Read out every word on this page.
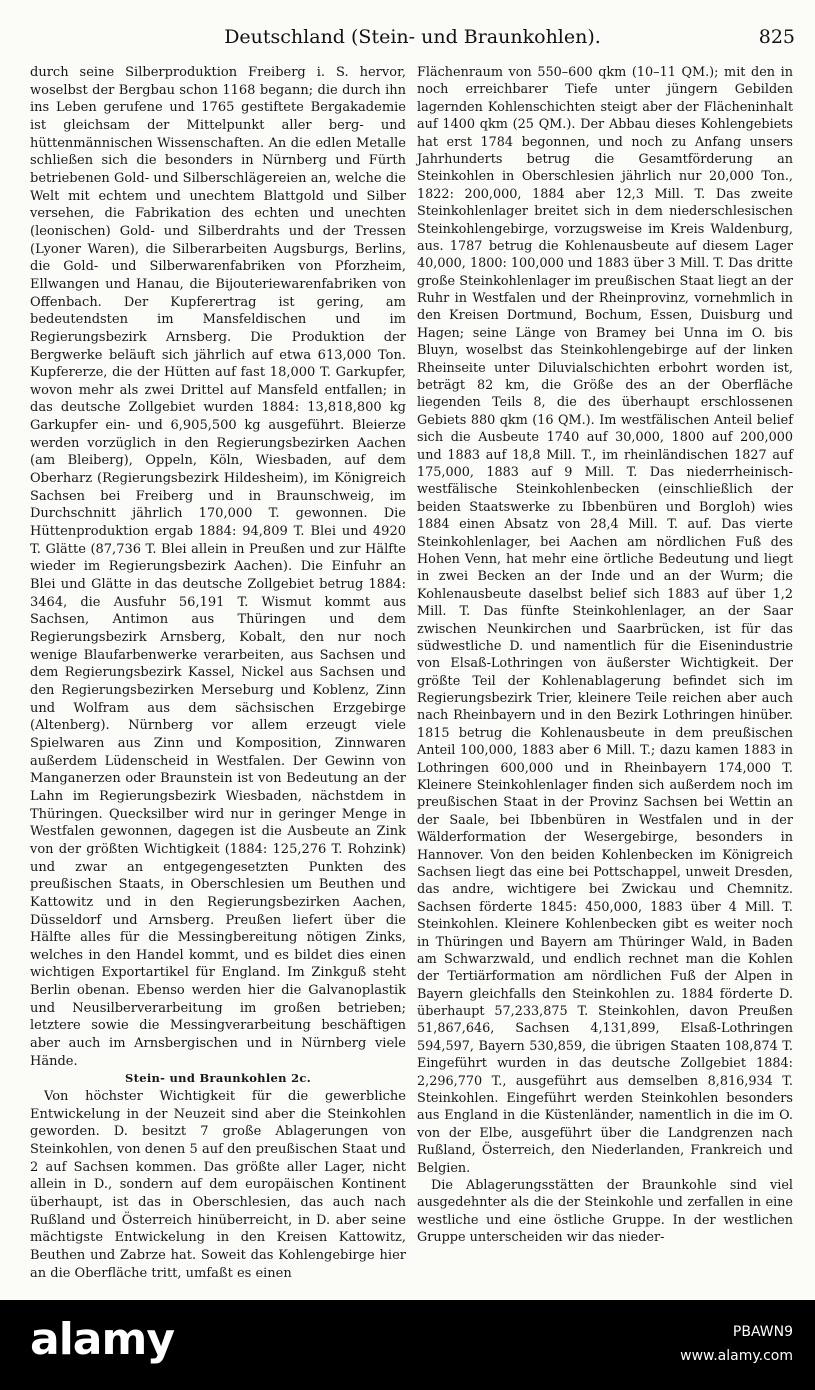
Deutschland (Stein- und Braunkohlen).	825

durch seine Silberproduktion Freiberg i. S. hervor, woselbst der Bergbau schon 1168 begann; die durch ihn ins Leben gerufene und 1765 gestiftete Bergakademie ist gleichsam der Mittelpunkt aller berg- und hüttenmännischen Wissenschaften. An die edlen Metalle schließen sich die besonders in Nürnberg und Fürth betriebenen Gold- und Silberschlägereien an, welche die Welt mit echtem und unechtem Blattgold und Silber versehen, die Fabrikation des echten und unechten (leonischen) Gold- und Silberdrahts und der Tressen (Lyoner Waren), die Silberarbeiten Augsburgs, Berlins, die Gold- und Silberwarenfabriken von Pforzheim, Ellwangen und Hanau, die Bijouteriewarenfabriken von Offenbach. Der Kupferertrag ist gering, am bedeutendsten im Mansfeldischen und im Regierungsbezirk Arnsberg. Die Produktion der Bergwerke beläuft sich jährlich auf etwa 613,000 Ton. Kupfererze, die der Hütten auf fast 18,000 T. Garkupfer, wovon mehr als zwei Drittel auf Mansfeld entfallen; in das deutsche Zollgebiet wurden 1884: 13,818,800 kg Garkupfer ein- und 6,905,500 kg ausgeführt. Bleierze werden vorzüglich in den Regierungsbezirken Aachen (am Bleiberg), Oppeln, Köln, Wiesbaden, auf dem Oberharz (Regierungsbezirk Hildesheim), im Königreich Sachsen bei Freiberg und in Braunschweig, im Durchschnitt jährlich 170,000 T. gewonnen. Die Hüttenproduktion ergab 1884: 94,809 T. Blei und 4920 T. Glätte (87,736 T. Blei allein in Preußen und zur Hälfte wieder im Regierungsbezirk Aachen). Die Einfuhr an Blei und Glätte in das deutsche Zollgebiet betrug 1884: 3464, die Ausfuhr 56,191 T. Wismut kommt aus Sachsen, Antimon aus Thüringen und dem Regierungsbezirk Arnsberg, Kobalt, den nur noch wenige Blaufarbenwerke verarbeiten, aus Sachsen und dem Regierungsbezirk Kassel, Nickel aus Sachsen und den Regierungsbezirken Merseburg und Koblenz, Zinn und Wolfram aus dem sächsischen Erzgebirge (Altenberg). Nürnberg vor allem erzeugt viele Spielwaren aus Zinn und Komposition, Zinnwaren außerdem Lüdenscheid in Westfalen. Der Gewinn von Manganerzen oder Braunstein ist von Bedeutung an der Lahn im Regierungsbezirk Wiesbaden, nächstdem in Thüringen. Quecksilber wird nur in geringer Menge in Westfalen gewonnen, dagegen ist die Ausbeute an Zink von der größten Wichtigkeit (1884: 125,276 T. Rohzink) und zwar an entgegengesetzten Punkten des preußischen Staats, in Oberschlesien um Beuthen und Kattowitz und in den Regierungsbezirken Aachen, Düsseldorf und Arnsberg. Preußen liefert über die Hälfte alles für die Messingbereitung nötigen Zinks, welches in den Handel kommt, und es bildet dies einen wichtigen Exportartikel für England. Im Zinkguß steht Berlin obenan. Ebenso werden hier die Galvanoplastik und Neusilberverarbeitung im großen betrieben; letztere sowie die Messingverarbeitung beschäftigen aber auch im Arnsbergischen und in Nürnberg viele Hände.

Stein- und Braunkohlen 2c.

Von höchster Wichtigkeit für die gewerbliche Entwickelung in der Neuzeit sind aber die Steinkohlen geworden. D. besitzt 7 große Ablagerungen von Steinkohlen, von denen 5 auf den preußischen Staat und 2 auf Sachsen kommen. Das größte aller Lager, nicht allein in D., sondern auf dem europäischen Kontinent überhaupt, ist das in Oberschlesien, das auch nach Rußland und Österreich hinüberreicht, in D. aber seine mächtigste Entwickelung in den Kreisen Kattowitz, Beuthen und Zabrze hat. Soweit das Kohlengebirge hier an die Oberfläche tritt, umfaßt es einen

Flächenraum von 550–600 qkm (10–11 QM.); mit den in noch erreichbarer Tiefe unter jüngern Gebilden lagernden Kohlenschichten steigt aber der Flächeninhalt auf 1400 qkm (25 QM.). Der Abbau dieses Kohlengebiets hat erst 1784 begonnen, und noch zu Anfang unsers Jahrhunderts betrug die Gesamtförderung an Steinkohlen in Oberschlesien jährlich nur 20,000 Ton., 1822: 200,000, 1884 aber 12,3 Mill. T. Das zweite Steinkohlenlager breitet sich in dem niederschlesischen Steinkohlengebirge, vorzugsweise im Kreis Waldenburg, aus. 1787 betrug die Kohlenausbeute auf diesem Lager 40,000, 1800: 100,000 und 1883 über 3 Mill. T. Das dritte große Steinkohlenlager im preußischen Staat liegt an der Ruhr in Westfalen und der Rheinprovinz, vornehmlich in den Kreisen Dortmund, Bochum, Essen, Duisburg und Hagen; seine Länge von Bramey bei Unna im O. bis Bluyn, woselbst das Steinkohlengebirge auf der linken Rheinseite unter Diluvialschichten erbohrt worden ist, beträgt 82 km, die Größe des an der Oberfläche liegenden Teils 8, die des überhaupt erschlossenen Gebiets 880 qkm (16 QM.). Im westfälischen Anteil belief sich die Ausbeute 1740 auf 30,000, 1800 auf 200,000 und 1883 auf 18,8 Mill. T., im rheinländischen 1827 auf 175,000, 1883 auf 9 Mill. T. Das niederrheinisch-westfälische Steinkohlenbecken (einschließlich der beiden Staatswerke zu Ibbenbüren und Borgloh) wies 1884 einen Absatz von 28,4 Mill. T. auf. Das vierte Steinkohlenlager, bei Aachen am nördlichen Fuß des Hohen Venn, hat mehr eine örtliche Bedeutung und liegt in zwei Becken an der Inde und an der Wurm; die Kohlenausbeute daselbst belief sich 1883 auf über 1,2 Mill. T. Das fünfte Steinkohlenlager, an der Saar zwischen Neunkirchen und Saarbrücken, ist für das südwestliche D. und namentlich für die Eisenindustrie von Elsaß-Lothringen von äußerster Wichtigkeit. Der größte Teil der Kohlenablagerung befindet sich im Regierungsbezirk Trier, kleinere Teile reichen aber auch nach Rheinbayern und in den Bezirk Lothringen hinüber. 1815 betrug die Kohlenausbeute in dem preußischen Anteil 100,000, 1883 aber 6 Mill. T.; dazu kamen 1883 in Lothringen 600,000 und in Rheinbayern 174,000 T. Kleinere Steinkohlenlager finden sich außerdem noch im preußischen Staat in der Provinz Sachsen bei Wettin an der Saale, bei Ibbenbüren in Westfalen und in der Wälderformation der Wesergebirge, besonders in Hannover. Von den beiden Kohlenbecken im Königreich Sachsen liegt das eine bei Pottschappel, unweit Dresden, das andre, wichtigere bei Zwickau und Chemnitz. Sachsen förderte 1845: 450,000, 1883 über 4 Mill. T. Steinkohlen. Kleinere Kohlenbecken gibt es weiter noch in Thüringen und Bayern am Thüringer Wald, in Baden am Schwarzwald, und endlich rechnet man die Kohlen der Tertiärformation am nördlichen Fuß der Alpen in Bayern gleichfalls den Steinkohlen zu. 1884 förderte D. überhaupt 57,233,875 T. Steinkohlen, davon Preußen 51,867,646, Sachsen 4,131,899, Elsaß-Lothringen 594,597, Bayern 530,859, die übrigen Staaten 108,874 T. Eingeführt wurden in das deutsche Zollgebiet 1884: 2,296,770 T., ausgeführt aus demselben 8,816,934 T. Steinkohlen. Eingeführt werden Steinkohlen besonders aus England in die Küstenländer, namentlich in die im O. von der Elbe, ausgeführt über die Landgrenzen nach Rußland, Österreich, den Niederlanden, Frankreich und Belgien.

Die Ablagerungsstätten der Braunkohle sind viel ausgedehnter als die der Steinkohle und zerfallen in eine westliche und eine östliche Gruppe. In der westlichen Gruppe unterscheiden wir das nieder-

alamy	PBAWN9
www.alamy.com
